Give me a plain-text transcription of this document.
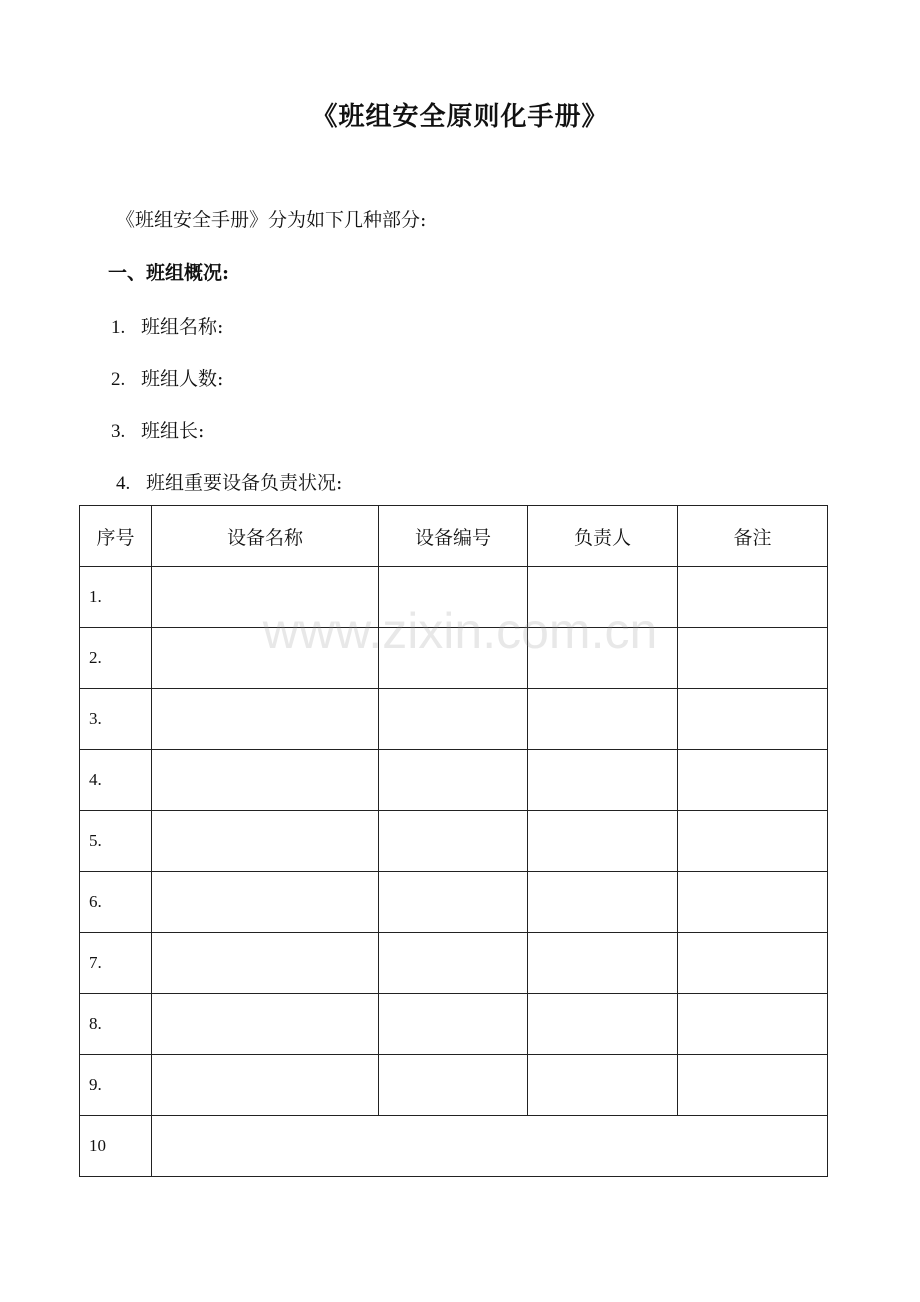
《班组安全原则化手册》
《班组安全手册》分为如下几种部分:
一、班组概况:
1. 班组名称:
2. 班组人数:
3. 班组长:
4. 班组重要设备负责状况:
序号	设备名称	设备编号	负责人	备注
1.				
2.				
3.				
4.				
5.				
6.				
7.				
8.				
9.				
10				
www.zixin.com.cn
